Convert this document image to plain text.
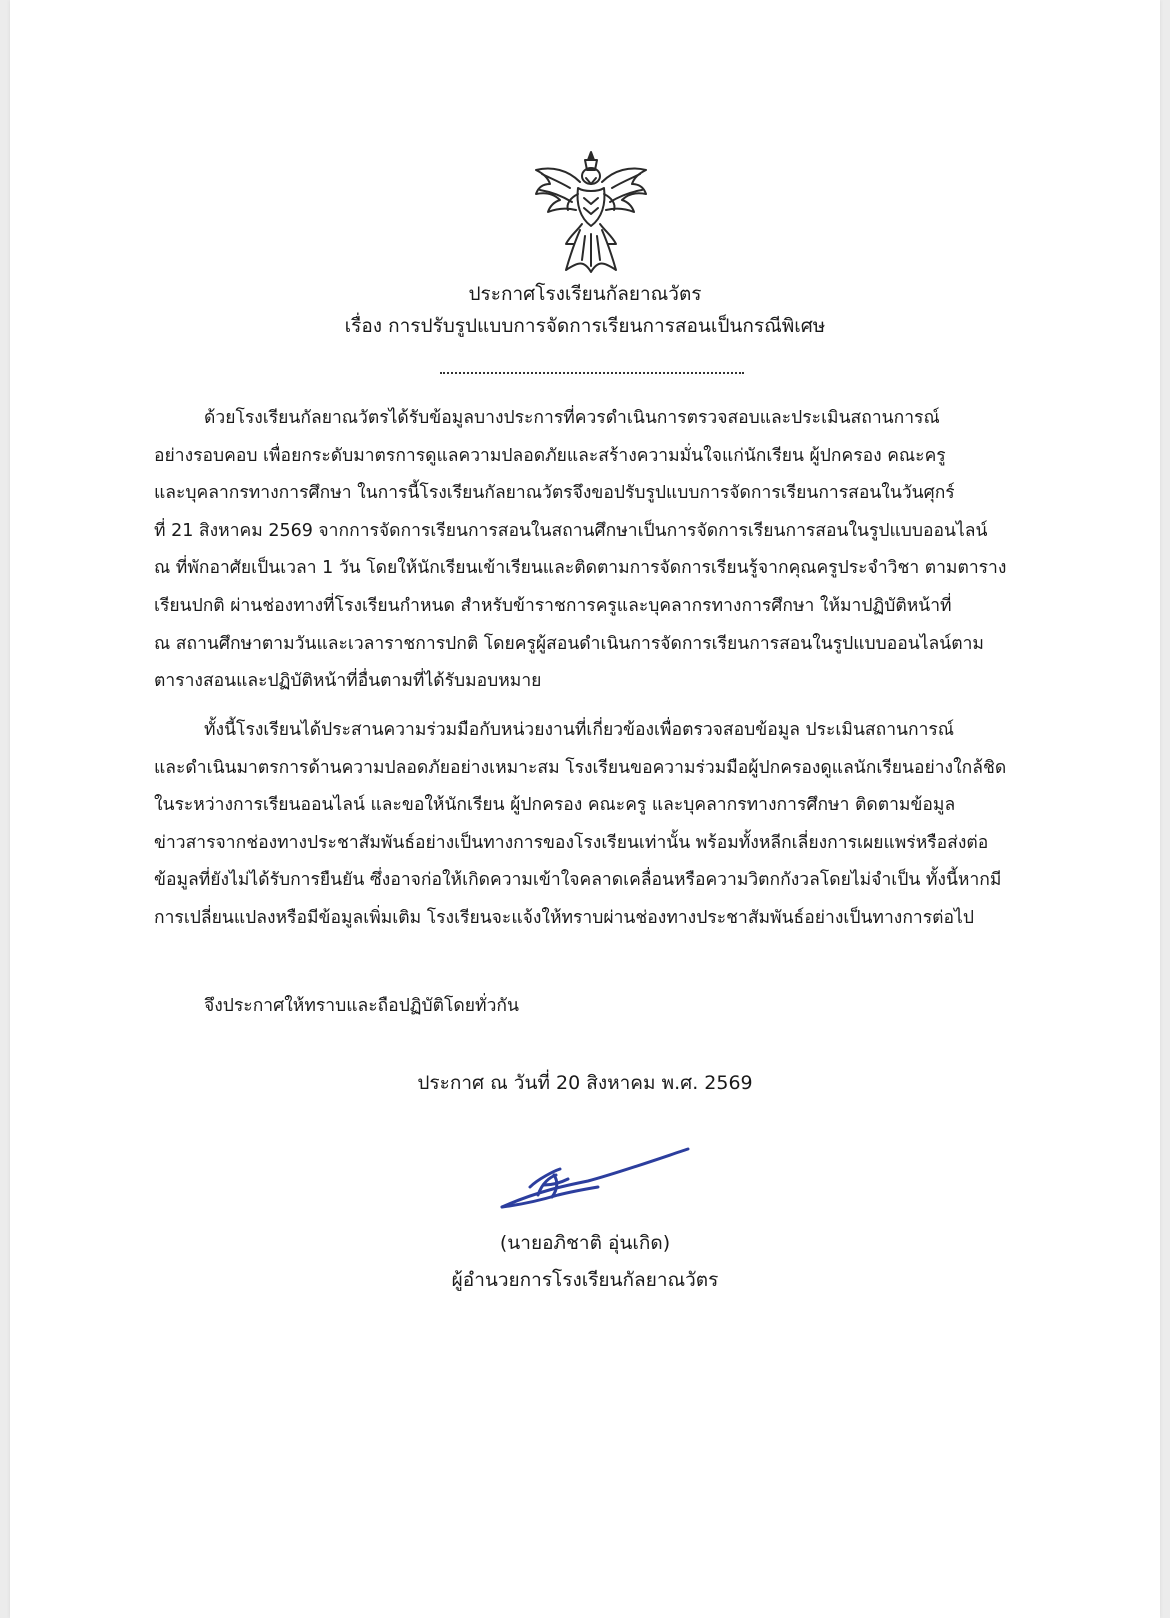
ประกาศโรงเรียนกัลยาณวัตร
เรื่อง การปรับรูปแบบการจัดการเรียนการสอนเป็นกรณีพิเศษ
ด้วยโรงเรียนกัลยาณวัตรได้รับข้อมูลบางประการที่ควรดำเนินการตรวจสอบและประเมินสถานการณ์
อย่างรอบคอบ เพื่อยกระดับมาตรการดูแลความปลอดภัยและสร้างความมั่นใจแก่นักเรียน ผู้ปกครอง คณะครู
และบุคลากรทางการศึกษา ในการนี้โรงเรียนกัลยาณวัตรจึงขอปรับรูปแบบการจัดการเรียนการสอนในวันศุกร์
ที่ 21 สิงหาคม 2569 จากการจัดการเรียนการสอนในสถานศึกษาเป็นการจัดการเรียนการสอนในรูปแบบออนไลน์
ณ ที่พักอาศัยเป็นเวลา 1 วัน โดยให้นักเรียนเข้าเรียนและติดตามการจัดการเรียนรู้จากคุณครูประจำวิชา ตามตาราง
เรียนปกติ ผ่านช่องทางที่โรงเรียนกำหนด สำหรับข้าราชการครูและบุคลากรทางการศึกษา ให้มาปฏิบัติหน้าที่
ณ สถานศึกษาตามวันและเวลาราชการปกติ โดยครูผู้สอนดำเนินการจัดการเรียนการสอนในรูปแบบออนไลน์ตาม
ตารางสอนและปฏิบัติหน้าที่อื่นตามที่ได้รับมอบหมาย
ทั้งนี้โรงเรียนได้ประสานความร่วมมือกับหน่วยงานที่เกี่ยวข้องเพื่อตรวจสอบข้อมูล ประเมินสถานการณ์
และดำเนินมาตรการด้านความปลอดภัยอย่างเหมาะสม โรงเรียนขอความร่วมมือผู้ปกครองดูแลนักเรียนอย่างใกล้ชิด
ในระหว่างการเรียนออนไลน์ และขอให้นักเรียน ผู้ปกครอง คณะครู และบุคลากรทางการศึกษา ติดตามข้อมูล
ข่าวสารจากช่องทางประชาสัมพันธ์อย่างเป็นทางการของโรงเรียนเท่านั้น พร้อมทั้งหลีกเลี่ยงการเผยแพร่หรือส่งต่อ
ข้อมูลที่ยังไม่ได้รับการยืนยัน ซึ่งอาจก่อให้เกิดความเข้าใจคลาดเคลื่อนหรือความวิตกกังวลโดยไม่จำเป็น ทั้งนี้หากมี
การเปลี่ยนแปลงหรือมีข้อมูลเพิ่มเติม โรงเรียนจะแจ้งให้ทราบผ่านช่องทางประชาสัมพันธ์อย่างเป็นทางการต่อไป
จึงประกาศให้ทราบและถือปฏิบัติโดยทั่วกัน
ประกาศ ณ วันที่ 20 สิงหาคม พ.ศ. 2569
(นายอภิชาติ อุ่นเกิด)
ผู้อำนวยการโรงเรียนกัลยาณวัตร
